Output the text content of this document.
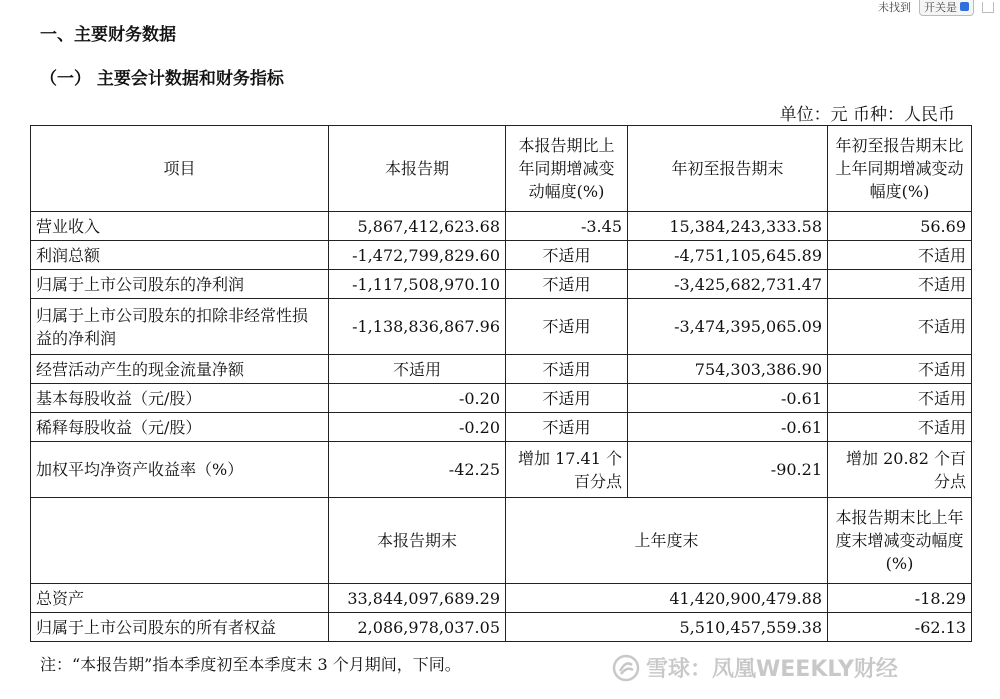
未找到 开关是
一、主要财务数据
（一） 主要会计数据和财务指标
单位：元 币种：人民币
项目	本报告期	本报告期比上年同期增减变动幅度(%)	年初至报告期末	年初至报告期末比上年同期增减变动幅度(%)
营业收入	5,867,412,623.68	-3.45	15,384,243,333.58	56.69
利润总额	-1,472,799,829.60	不适用	-4,751,105,645.89	不适用
归属于上市公司股东的净利润	-1,117,508,970.10	不适用	-3,425,682,731.47	不适用
归属于上市公司股东的扣除非经常性损益的净利润	-1,138,836,867.96	不适用	-3,474,395,065.09	不适用
经营活动产生的现金流量净额	不适用	不适用	754,303,386.90	不适用
基本每股收益（元/股）	-0.20	不适用	-0.61	不适用
稀释每股收益（元/股）	-0.20	不适用	-0.61	不适用
加权平均净资产收益率（%）	-42.25	增加 17.41 个百分点	-90.21	增加 20.82 个百分点
	本报告期末	上年度末		本报告期末比上年度末增减变动幅度(%)
总资产	33,844,097,689.29	41,420,900,479.88		-18.29
归属于上市公司股东的所有者权益	2,086,978,037.05	5,510,457,559.38		-62.13
注：“本报告期”指本季度初至本季度末 3 个月期间，下同。	雪球：凤凰WEEKLY财经
